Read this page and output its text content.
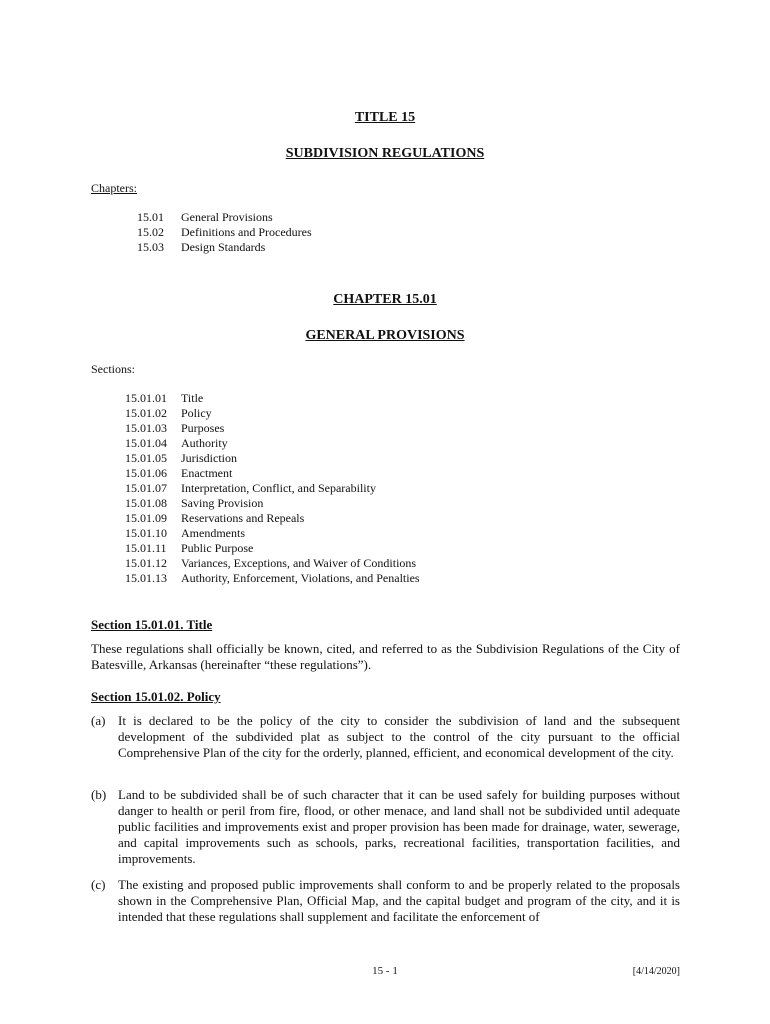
TITLE 15
SUBDIVISION REGULATIONS
Chapters:
15.01	General Provisions
15.02	Definitions and Procedures
15.03	Design Standards
CHAPTER 15.01
GENERAL PROVISIONS
Sections:
15.01.01	Title
15.01.02	Policy
15.01.03	Purposes
15.01.04	Authority
15.01.05	Jurisdiction
15.01.06	Enactment
15.01.07	Interpretation, Conflict, and Separability
15.01.08	Saving Provision
15.01.09	Reservations and Repeals
15.01.10	Amendments
15.01.11	Public Purpose
15.01.12	Variances, Exceptions, and Waiver of Conditions
15.01.13	Authority, Enforcement, Violations, and Penalties
Section 15.01.01. Title
These regulations shall officially be known, cited, and referred to as the Subdivision Regulations of the City of Batesville, Arkansas (hereinafter “these regulations”).
Section 15.01.02. Policy
(a) It is declared to be the policy of the city to consider the subdivision of land and the subsequent development of the subdivided plat as subject to the control of the city pursuant to the official Comprehensive Plan of the city for the orderly, planned, efficient, and economical development of the city.
(b) Land to be subdivided shall be of such character that it can be used safely for building purposes without danger to health or peril from fire, flood, or other menace, and land shall not be subdivided until adequate public facilities and improvements exist and proper provision has been made for drainage, water, sewerage, and capital improvements such as schools, parks, recreational facilities, transportation facilities, and improvements.
(c) The existing and proposed public improvements shall conform to and be properly related to the proposals shown in the Comprehensive Plan, Official Map, and the capital budget and program of the city, and it is intended that these regulations shall supplement and facilitate the enforcement of
15 - 1	[4/14/2020]
